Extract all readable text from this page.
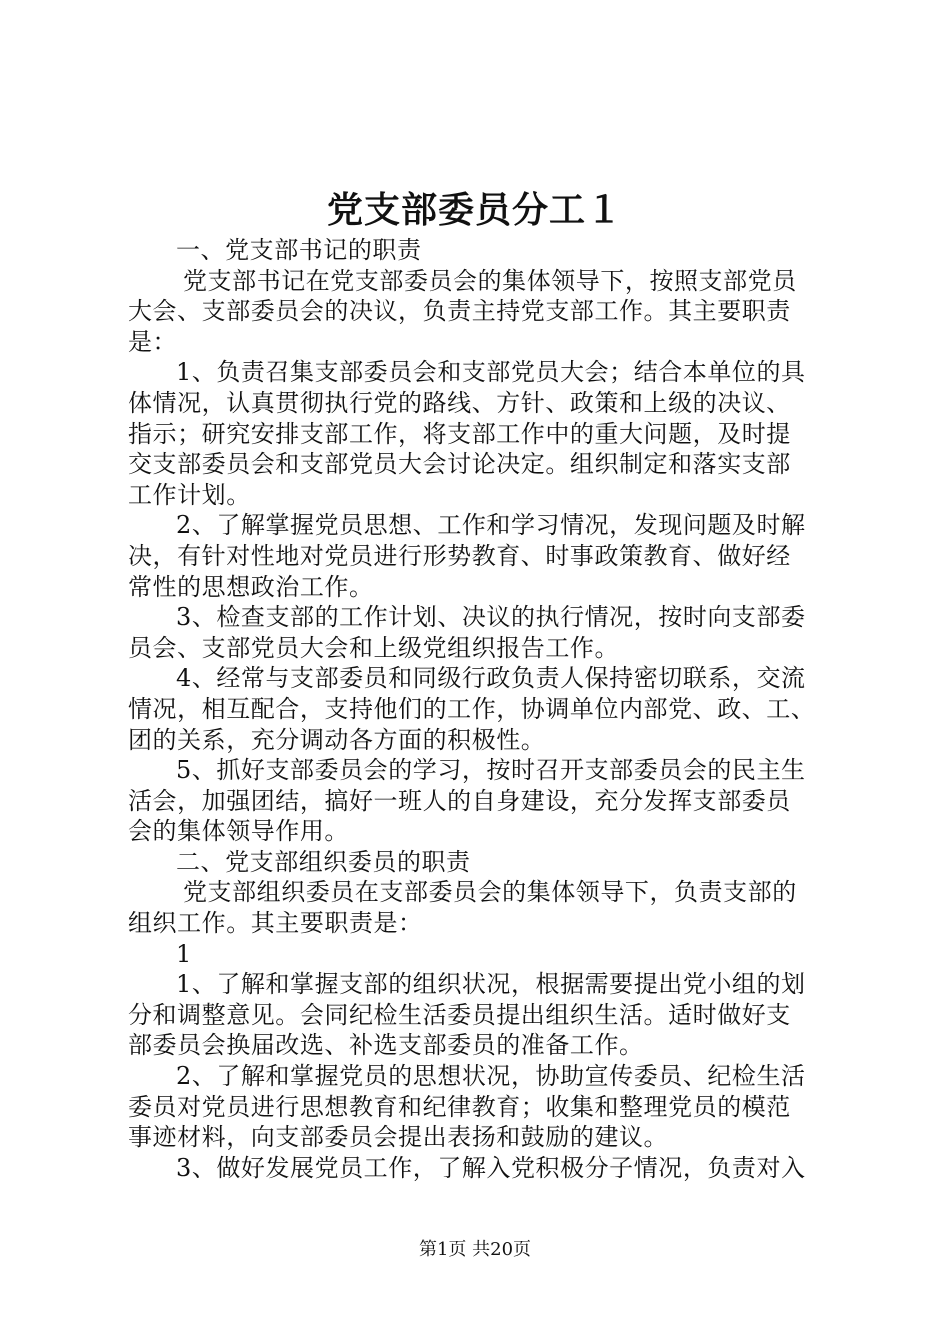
党支部委员分工１
一、党支部书记的职责
党支部书记在党支部委员会的集体领导下，按照支部党员
大会、支部委员会的决议，负责主持党支部工作。其主要职责
是：
1、负责召集支部委员会和支部党员大会；结合本单位的具
体情况，认真贯彻执行党的路线、方针、政策和上级的决议、
指示；研究安排支部工作，将支部工作中的重大问题，及时提
交支部委员会和支部党员大会讨论决定。组织制定和落实支部
工作计划。
2、了解掌握党员思想、工作和学习情况，发现问题及时解
决，有针对性地对党员进行形势教育、时事政策教育、做好经
常性的思想政治工作。
3、检查支部的工作计划、决议的执行情况，按时向支部委
员会、支部党员大会和上级党组织报告工作。
4、经常与支部委员和同级行政负责人保持密切联系，交流
情况，相互配合，支持他们的工作，协调单位内部党、政、工、
团的关系，充分调动各方面的积极性。
5、抓好支部委员会的学习，按时召开支部委员会的民主生
活会，加强团结，搞好一班人的自身建设，充分发挥支部委员
会的集体领导作用。
二、党支部组织委员的职责
党支部组织委员在支部委员会的集体领导下，负责支部的
组织工作。其主要职责是：
1
1、了解和掌握支部的组织状况，根据需要提出党小组的划
分和调整意见。会同纪检生活委员提出组织生活。适时做好支
部委员会换届改选、补选支部委员的准备工作。
2、了解和掌握党员的思想状况，协助宣传委员、纪检生活
委员对党员进行思想教育和纪律教育；收集和整理党员的模范
事迹材料，向支部委员会提出表扬和鼓励的建议。
3、做好发展党员工作，了解入党积极分子情况，负责对入
第1页 共20页
